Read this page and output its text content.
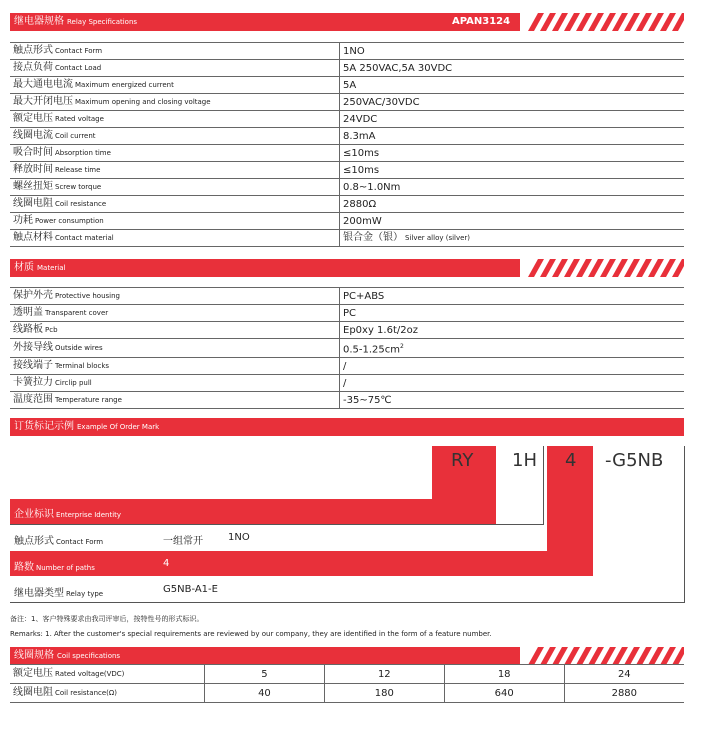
继电器规格 Relay Specifications	APAN3124
触点形式 Contact Form	1NO
接点负荷 Contact Load	5A 250VAC,5A 30VDC
最大通电电流 Maximum energized current	5A
最大开闭电压 Maximum opening and closing voltage	250VAC/30VDC
额定电压 Rated voltage	24VDC
线圈电流 Coil current	8.3mA
吸合时间 Absorption time	≤10ms
释放时间 Release time	≤10ms
螺丝扭矩 Screw torque	0.8~1.0Nm
线圈电阻 Coil resistance	2880Ω
功耗 Power consumption	200mW
触点材料 Contact material	银合金（银） Silver alloy (silver)
材质 Material
保护外壳 Protective housing	PC+ABS
透明盖 Transparent cover	PC
线路板 Pcb	Ep0xy 1.6t/2oz
外接导线 Outside wires	$0.5-1.25cm^2$
接线端子 Terminal blocks	/
卡簧拉力 Circlip pull	/
温度范围 Temperature range	-35~75℃
订货标记示例 Example Of Order Mark
RY 1H 4 -G5NB
企业标识 Enterprise Identity
触点形式 Contact Form	一组常开	1NO
路数 Number of paths	4
继电器类型 Relay type	G5NB-A1-E
备注：1、客户特殊要求由我司评审后，按特性号的形式标识。
Remarks: 1. After the customer's special requirements are reviewed by our company, they are identified in the form of a feature number.
线圈规格 Coil specifications
额定电压 Rated voltage(VDC)	5	12	18	24
线圈电阻 Coil resistance(Ω)	40	180	640	2880
